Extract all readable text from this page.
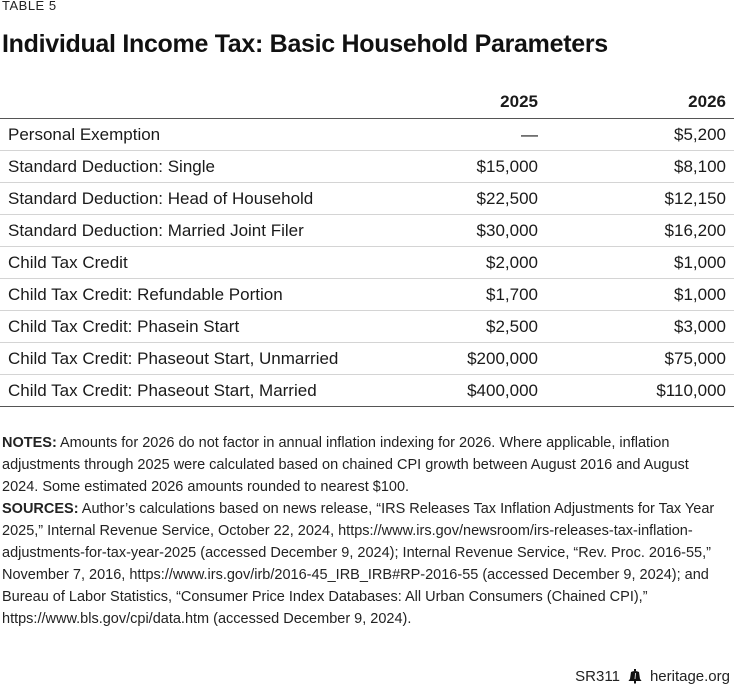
TABLE 5
Individual Income Tax: Basic Household Parameters
	2025	2026
Personal Exemption	—	$5,200
Standard Deduction: Single	$15,000	$8,100
Standard Deduction: Head of Household	$22,500	$12,150
Standard Deduction: Married Joint Filer	$30,000	$16,200
Child Tax Credit	$2,000	$1,000
Child Tax Credit: Refundable Portion	$1,700	$1,000
Child Tax Credit: Phasein Start	$2,500	$3,000
Child Tax Credit: Phaseout Start, Unmarried	$200,000	$75,000
Child Tax Credit: Phaseout Start, Married	$400,000	$110,000

NOTES: Amounts for 2026 do not factor in annual inflation indexing for 2026. Where applicable, inflation adjustments through 2025 were calculated based on chained CPI growth between August 2016 and August 2024. Some estimated 2026 amounts rounded to nearest $100.

SOURCES: Author’s calculations based on news release, “IRS Releases Tax Inflation Adjustments for Tax Year 2025,” Internal Revenue Service, October 22, 2024, https://www.irs.gov/newsroom/irs-releases-tax-inflation-adjustments-for-tax-year-2025 (accessed December 9, 2024); Internal Revenue Service, “Rev. Proc. 2016-55,” November 7, 2016, https://www.irs.gov/irb/2016-45_IRB_IRB#RP-2016-55 (accessed December 9, 2024); and Bureau of Labor Statistics, “Consumer Price Index Databases: All Urban Consumers (Chained CPI),” https://www.bls.gov/cpi/data.htm (accessed December 9, 2024).

SR311 heritage.org
